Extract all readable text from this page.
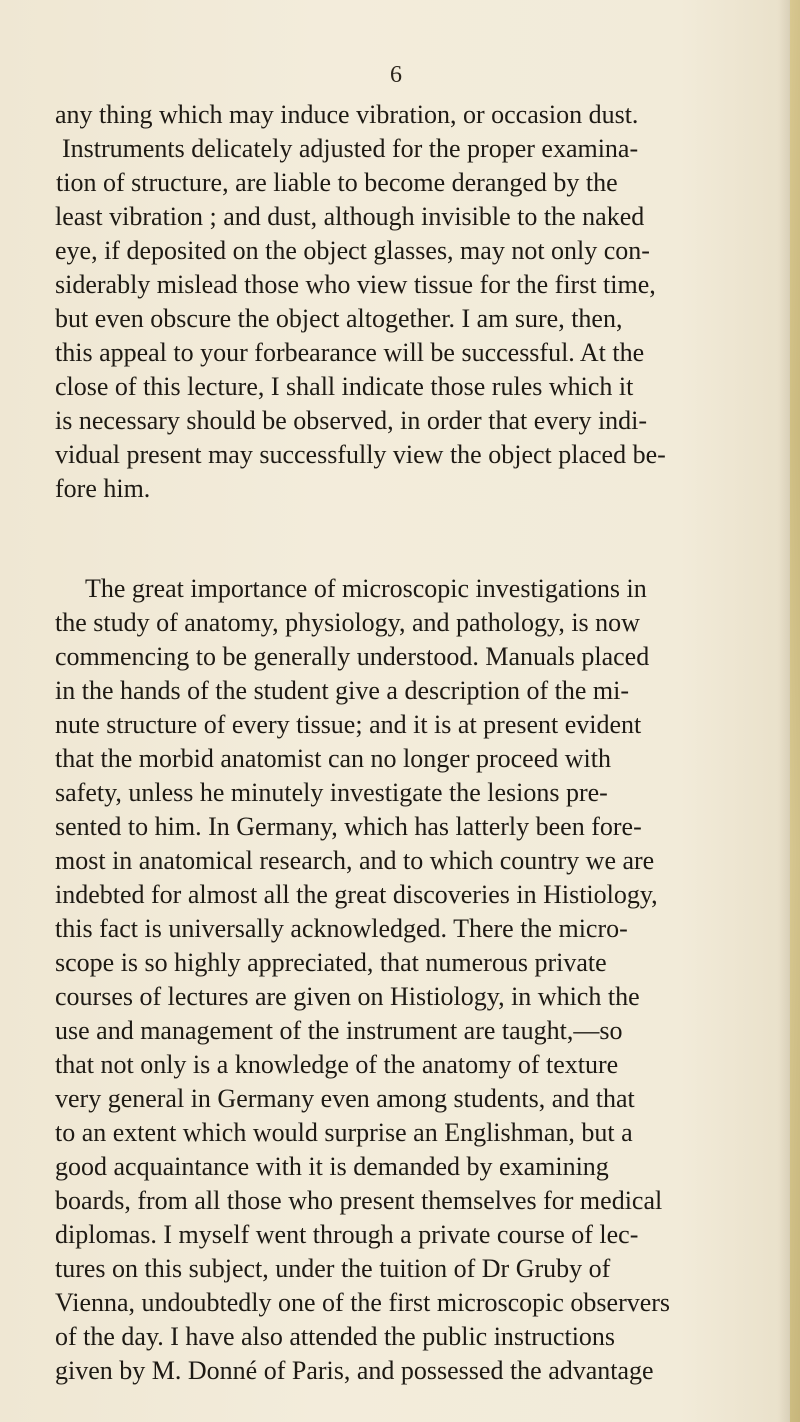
6
any thing which may induce vibration, or occasion dust.
Instruments delicately adjusted for the proper examina-
tion of structure, are liable to become deranged by the
least vibration ; and dust, although invisible to the naked
eye, if deposited on the object glasses, may not only con-
siderably mislead those who view tissue for the first time,
but even obscure the object altogether. I am sure, then,
this appeal to your forbearance will be successful. At the
close of this lecture, I shall indicate those rules which it
is necessary should be observed, in order that every indi-
vidual present may successfully view the object placed be-
fore him.
The great importance of microscopic investigations in
the study of anatomy, physiology, and pathology, is now
commencing to be generally understood. Manuals placed
in the hands of the student give a description of the mi-
nute structure of every tissue; and it is at present evident
that the morbid anatomist can no longer proceed with
safety, unless he minutely investigate the lesions pre-
sented to him. In Germany, which has latterly been fore-
most in anatomical research, and to which country we are
indebted for almost all the great discoveries in Histiology,
this fact is universally acknowledged. There the micro-
scope is so highly appreciated, that numerous private
courses of lectures are given on Histiology, in which the
use and management of the instrument are taught,—so
that not only is a knowledge of the anatomy of texture
very general in Germany even among students, and that
to an extent which would surprise an Englishman, but a
good acquaintance with it is demanded by examining
boards, from all those who present themselves for medical
diplomas. I myself went through a private course of lec-
tures on this subject, under the tuition of Dr Gruby of
Vienna, undoubtedly one of the first microscopic observers
of the day. I have also attended the public instructions
given by M. Donné of Paris, and possessed the advantage
